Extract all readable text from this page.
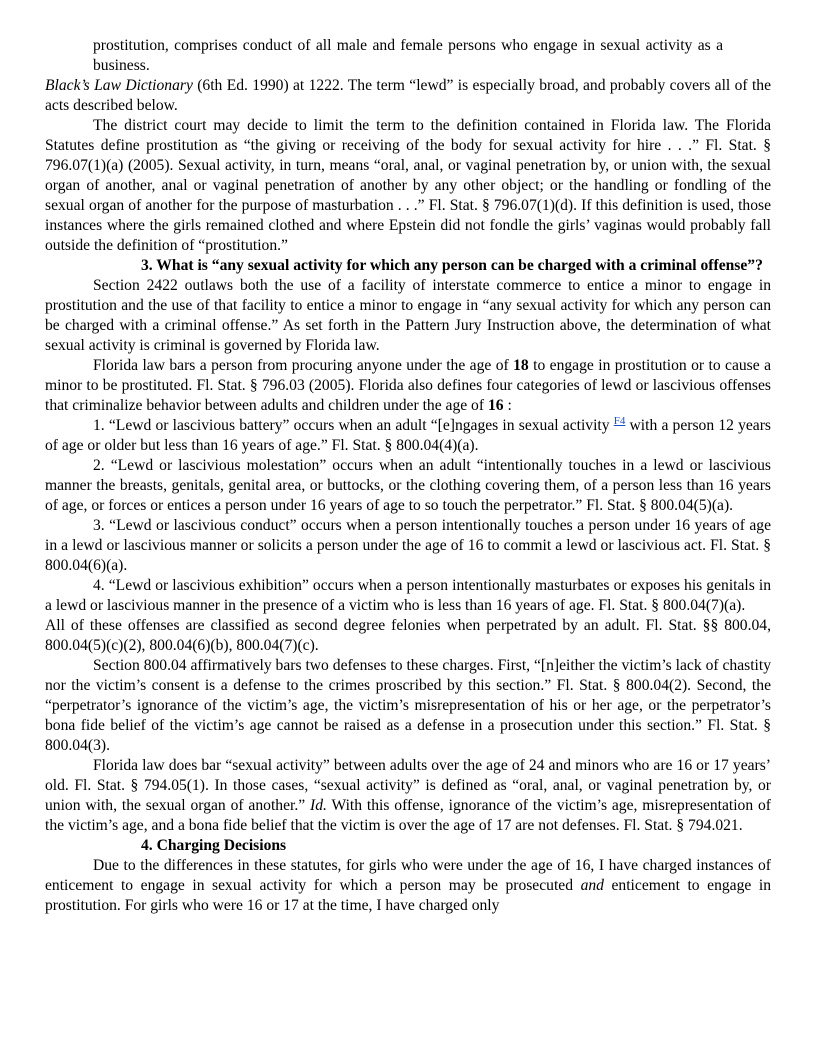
prostitution, comprises conduct of all male and female persons who engage in sexual activity as a business.

Black’s Law Dictionary (6th Ed. 1990) at 1222. The term “lewd” is especially broad, and probably covers all of the acts described below.

The district court may decide to limit the term to the definition contained in Florida law. The Florida Statutes define prostitution as “the giving or receiving of the body for sexual activity for hire . . .” Fl. Stat. § 796.07(1)(a) (2005). Sexual activity, in turn, means “oral, anal, or vaginal penetration by, or union with, the sexual organ of another, anal or vaginal penetration of another by any other object; or the handling or fondling of the sexual organ of another for the purpose of masturbation . . .” Fl. Stat. § 796.07(1)(d). If this definition is used, those instances where the girls remained clothed and where Epstein did not fondle the girls’ vaginas would probably fall outside the definition of “prostitution.”

3. What is “any sexual activity for which any person can be charged with a criminal offense”?

Section 2422 outlaws both the use of a facility of interstate commerce to entice a minor to engage in prostitution and the use of that facility to entice a minor to engage in “any sexual activity for which any person can be charged with a criminal offense.” As set forth in the Pattern Jury Instruction above, the determination of what sexual activity is criminal is governed by Florida law.

Florida law bars a person from procuring anyone under the age of 18 to engage in prostitution or to cause a minor to be prostituted. Fl. Stat. § 796.03 (2005). Florida also defines four categories of lewd or lascivious offenses that criminalize behavior between adults and children under the age of 16 :

1. “Lewd or lascivious battery” occurs when an adult “[e]ngages in sexual activity $^{F4}$ with a person 12 years of age or older but less than 16 years of age.” Fl. Stat. § 800.04(4)(a).

2. “Lewd or lascivious molestation” occurs when an adult “intentionally touches in a lewd or lascivious manner the breasts, genitals, genital area, or buttocks, or the clothing covering them, of a person less than 16 years of age, or forces or entices a person under 16 years of age to so touch the perpetrator.” Fl. Stat. § 800.04(5)(a).

3. “Lewd or lascivious conduct” occurs when a person intentionally touches a person under 16 years of age in a lewd or lascivious manner or solicits a person under the age of 16 to commit a lewd or lascivious act. Fl. Stat. § 800.04(6)(a).

4. “Lewd or lascivious exhibition” occurs when a person intentionally masturbates or exposes his genitals in a lewd or lascivious manner in the presence of a victim who is less than 16 years of age. Fl. Stat. § 800.04(7)(a).

All of these offenses are classified as second degree felonies when perpetrated by an adult. Fl. Stat. §§ 800.04, 800.04(5)(c)(2), 800.04(6)(b), 800.04(7)(c).

Section 800.04 affirmatively bars two defenses to these charges. First, “[n]either the victim’s lack of chastity nor the victim’s consent is a defense to the crimes proscribed by this section.” Fl. Stat. § 800.04(2). Second, the “perpetrator’s ignorance of the victim’s age, the victim’s misrepresentation of his or her age, or the perpetrator’s bona fide belief of the victim’s age cannot be raised as a defense in a prosecution under this section.” Fl. Stat. § 800.04(3).

Florida law does bar “sexual activity” between adults over the age of 24 and minors who are 16 or 17 years’ old. Fl. Stat. § 794.05(1). In those cases, “sexual activity” is defined as “oral, anal, or vaginal penetration by, or union with, the sexual organ of another.” Id. With this offense, ignorance of the victim’s age, misrepresentation of the victim’s age, and a bona fide belief that the victim is over the age of 17 are not defenses. Fl. Stat. § 794.021.

4. Charging Decisions

Due to the differences in these statutes, for girls who were under the age of 16, I have charged instances of enticement to engage in sexual activity for which a person may be prosecuted and enticement to engage in prostitution. For girls who were 16 or 17 at the time, I have charged only
